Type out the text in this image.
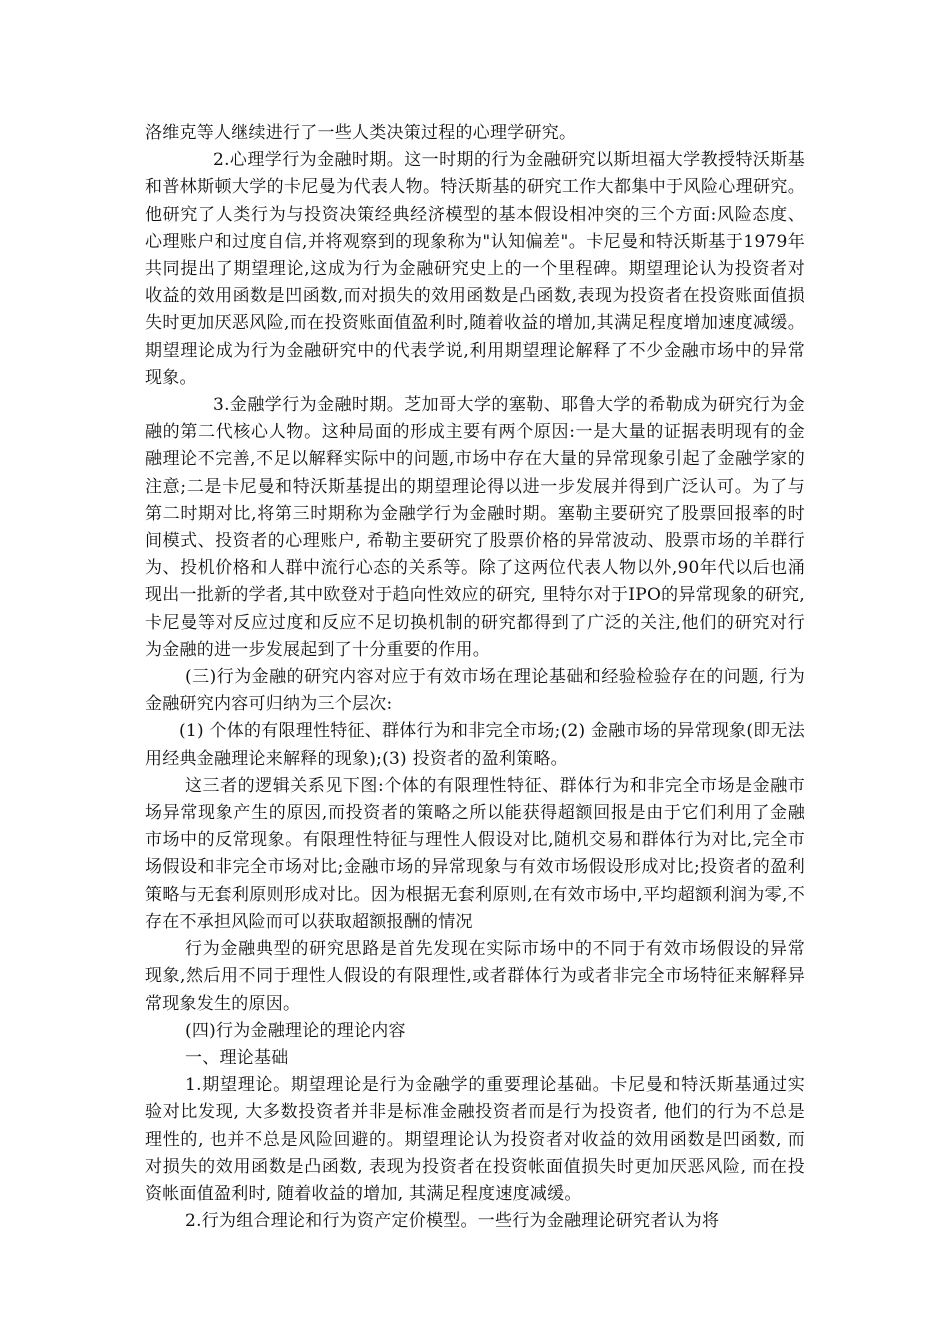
洛维克等人继续进行了一些人类决策过程的心理学研究。

2.心理学行为金融时期。这一时期的行为金融研究以斯坦福大学教授特沃斯基和普林斯顿大学的卡尼曼为代表人物。特沃斯基的研究工作大都集中于风险心理研究。他研究了人类行为与投资决策经典经济模型的基本假设相冲突的三个方面:风险态度、心理账户和过度自信,并将观察到的现象称为"认知偏差"。卡尼曼和特沃斯基于1979年共同提出了期望理论,这成为行为金融研究史上的一个里程碑。期望理论认为投资者对收益的效用函数是凹函数,而对损失的效用函数是凸函数,表现为投资者在投资账面值损失时更加厌恶风险,而在投资账面值盈利时,随着收益的增加,其满足程度增加速度减缓。期望理论成为行为金融研究中的代表学说,利用期望理论解释了不少金融市场中的异常现象。

3.金融学行为金融时期。芝加哥大学的塞勒、耶鲁大学的希勒成为研究行为金融的第二代核心人物。这种局面的形成主要有两个原因:一是大量的证据表明现有的金融理论不完善,不足以解释实际中的问题,市场中存在大量的异常现象引起了金融学家的注意;二是卡尼曼和特沃斯基提出的期望理论得以进一步发展并得到广泛认可。为了与第二时期对比,将第三时期称为金融学行为金融时期。塞勒主要研究了股票回报率的时间模式、投资者的心理账户, 希勒主要研究了股票价格的异常波动、股票市场的羊群行为、投机价格和人群中流行心态的关系等。除了这两位代表人物以外,90年代以后也涌现出一批新的学者,其中欧登对于趋向性效应的研究, 里特尔对于IPO的异常现象的研究, 卡尼曼等对反应过度和反应不足切换机制的研究都得到了广泛的关注,他们的研究对行为金融的进一步发展起到了十分重要的作用。

(三)行为金融的研究内容对应于有效市场在理论基础和经验检验存在的问题, 行为金融研究内容可归纳为三个层次:

(1) 个体的有限理性特征、群体行为和非完全市场;(2) 金融市场的异常现象(即无法用经典金融理论来解释的现象);(3) 投资者的盈利策略。

这三者的逻辑关系见下图:个体的有限理性特征、群体行为和非完全市场是金融市场异常现象产生的原因,而投资者的策略之所以能获得超额回报是由于它们利用了金融市场中的反常现象。有限理性特征与理性人假设对比,随机交易和群体行为对比,完全市场假设和非完全市场对比;金融市场的异常现象与有效市场假设形成对比;投资者的盈利策略与无套利原则形成对比。因为根据无套利原则,在有效市场中,平均超额利润为零,不存在不承担风险而可以获取超额报酬的情况

行为金融典型的研究思路是首先发现在实际市场中的不同于有效市场假设的异常现象,然后用不同于理性人假设的有限理性,或者群体行为或者非完全市场特征来解释异常现象发生的原因。

(四)行为金融理论的理论内容

一、理论基础

1.期望理论。期望理论是行为金融学的重要理论基础。卡尼曼和特沃斯基通过实验对比发现, 大多数投资者并非是标准金融投资者而是行为投资者, 他们的行为不总是理性的, 也并不总是风险回避的。期望理论认为投资者对收益的效用函数是凹函数, 而对损失的效用函数是凸函数, 表现为投资者在投资帐面值损失时更加厌恶风险, 而在投资帐面值盈利时, 随着收益的增加, 其满足程度速度减缓。

2.行为组合理论和行为资产定价模型。一些行为金融理论研究者认为将
